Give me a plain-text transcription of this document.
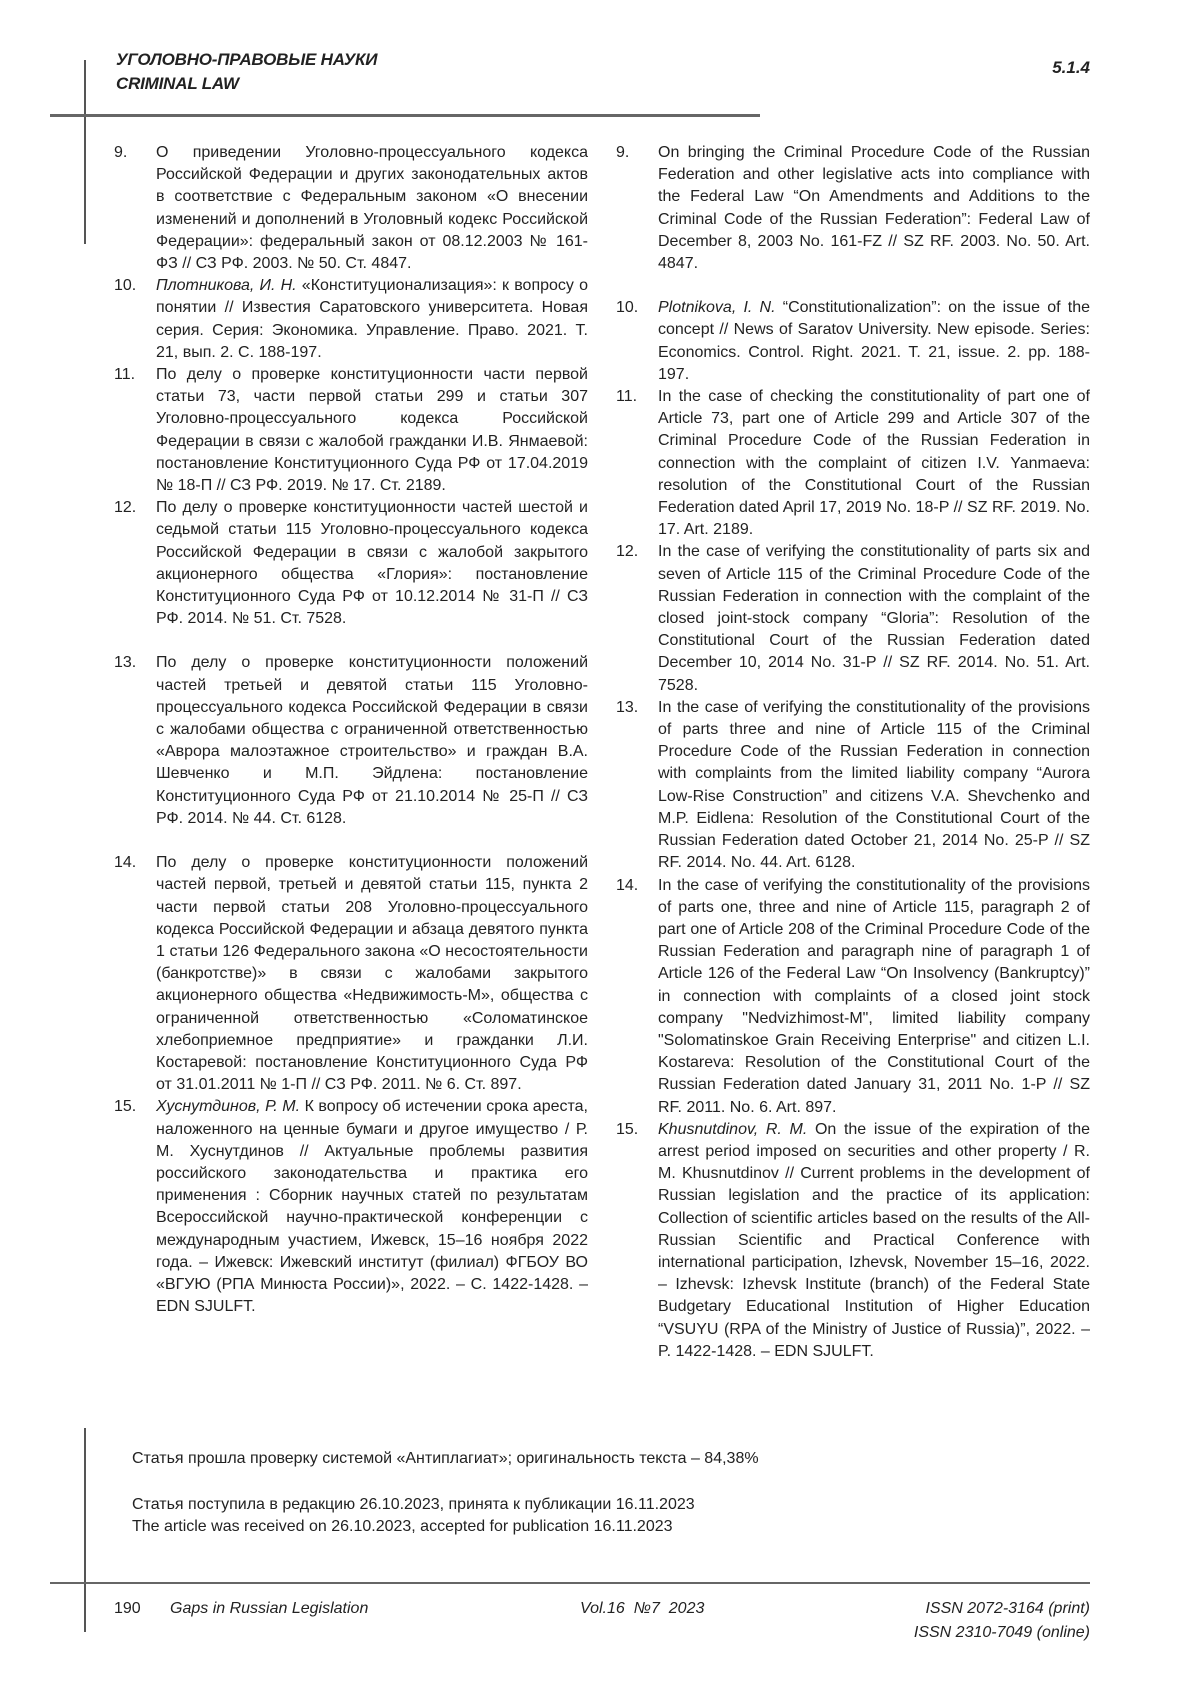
УГОЛОВНО-ПРАВОВЫЕ НАУКИ
CRIMINAL LAW
5.1.4
9.	О приведении Уголовно-процессуального кодекса Российской Федерации и других законодательных актов в соответствие с Федеральным законом «О внесении изменений и дополнений в Уголовный кодекс Российской Федерации»: федеральный закон от 08.12.2003 № 161-ФЗ // СЗ РФ. 2003. № 50. Ст. 4847.
10.	Плотникова, И. Н. «Конституционализация»: к вопросу о понятии // Известия Саратовского университета. Новая серия. Серия: Экономика. Управление. Право. 2021. Т. 21, вып. 2. С. 188-197.
11.	По делу о проверке конституционности части первой статьи 73, части первой статьи 299 и статьи 307 Уголовно-процессуального кодекса Российской Федерации в связи с жалобой гражданки И.В. Янмаевой: постановление Конституционного Суда РФ от 17.04.2019 № 18-П // СЗ РФ. 2019. № 17. Ст. 2189.
12.	По делу о проверке конституционности частей шестой и седьмой статьи 115 Уголовно-процессуального кодекса Российской Федерации в связи с жалобой закрытого акционерного общества «Глория»: постановление Конституционного Суда РФ от 10.12.2014 № 31-П // СЗ РФ. 2014. № 51. Ст. 7528.
13.	По делу о проверке конституционности положений частей третьей и девятой статьи 115 Уголовно-процессуального кодекса Российской Федерации в связи с жалобами общества с ограниченной ответственностью «Аврора малоэтажное строительство» и граждан В.А. Шевченко и М.П. Эйдлена: постановление Конституционного Суда РФ от 21.10.2014 № 25-П // СЗ РФ. 2014. № 44. Ст. 6128.
14.	По делу о проверке конституционности положений частей первой, третьей и девятой статьи 115, пункта 2 части первой статьи 208 Уголовно-процессуального кодекса Российской Федерации и абзаца девятого пункта 1 статьи 126 Федерального закона «О несостоятельности (банкротстве)» в связи с жалобами закрытого акционерного общества «Недвижимость-М», общества с ограниченной ответственностью «Соломатинское хлебоприемное предприятие» и гражданки Л.И. Костаревой: постановление Конституционного Суда РФ от 31.01.2011 № 1-П // СЗ РФ. 2011. № 6. Ст. 897.
15.	Хуснутдинов, Р. М. К вопросу об истечении срока ареста, наложенного на ценные бумаги и другое имущество / Р. М. Хуснутдинов // Актуальные проблемы развития российского законодательства и практика его применения : Сборник научных статей по результатам Всероссийской научно-практической конференции с международным участием, Ижевск, 15–16 ноября 2022 года. – Ижевск: Ижевский институт (филиал) ФГБОУ ВО «ВГУЮ (РПА Минюста России)», 2022. – С. 1422-1428. – EDN SJULFT.
9.	On bringing the Criminal Procedure Code of the Russian Federation and other legislative acts into compliance with the Federal Law “On Amendments and Additions to the Criminal Code of the Russian Federation”: Federal Law of December 8, 2003 No. 161-FZ // SZ RF. 2003. No. 50. Art. 4847.
10.	Plotnikova, I. N. “Constitutionalization”: on the issue of the concept // News of Saratov University. New episode. Series: Economics. Control. Right. 2021. T. 21, issue. 2. pp. 188-197.
11.	In the case of checking the constitutionality of part one of Article 73, part one of Article 299 and Article 307 of the Criminal Procedure Code of the Russian Federation in connection with the complaint of citizen I.V. Yanmaeva: resolution of the Constitutional Court of the Russian Federation dated April 17, 2019 No. 18-P // SZ RF. 2019. No. 17. Art. 2189.
12.	In the case of verifying the constitutionality of parts six and seven of Article 115 of the Criminal Procedure Code of the Russian Federation in connection with the complaint of the closed joint-stock company “Gloria”: Resolution of the Constitutional Court of the Russian Federation dated December 10, 2014 No. 31-P // SZ RF. 2014. No. 51. Art. 7528.
13.	In the case of verifying the constitutionality of the provisions of parts three and nine of Article 115 of the Criminal Procedure Code of the Russian Federation in connection with complaints from the limited liability company “Aurora Low-Rise Construction” and citizens V.A. Shevchenko and M.P. Eidlena: Resolution of the Constitutional Court of the Russian Federation dated October 21, 2014 No. 25-P // SZ RF. 2014. No. 44. Art. 6128.
14.	In the case of verifying the constitutionality of the provisions of parts one, three and nine of Article 115, paragraph 2 of part one of Article 208 of the Criminal Procedure Code of the Russian Federation and paragraph nine of paragraph 1 of Article 126 of the Federal Law “On Insolvency (Bankruptcy)” in connection with complaints of a closed joint stock company "Nedvizhimost-M", limited liability company "Solomatinskoe Grain Receiving Enterprise" and citizen L.I. Kostareva: Resolution of the Constitutional Court of the Russian Federation dated January 31, 2011 No. 1-P // SZ RF. 2011. No. 6. Art. 897.
15.	Khusnutdinov, R. M. On the issue of the expiration of the arrest period imposed on securities and other property / R. M. Khusnutdinov // Current problems in the development of Russian legislation and the practice of its application: Collection of scientific articles based on the results of the All-Russian Scientific and Practical Conference with international participation, Izhevsk, November 15–16, 2022. – Izhevsk: Izhevsk Institute (branch) of the Federal State Budgetary Educational Institution of Higher Education “VSUYU (RPA of the Ministry of Justice of Russia)”, 2022. – P. 1422-1428. – EDN SJULFT.
Статья прошла проверку системой «Антиплагиат»; оригинальность текста – 84,38%
Статья поступила в редакцию 26.10.2023, принята к публикации 16.11.2023
The article was received on 26.10.2023, accepted for publication 16.11.2023
190 Gaps in Russian Legislation	Vol.16  №7  2023	ISSN 2072-3164 (print)
ISSN 2310-7049 (online)
